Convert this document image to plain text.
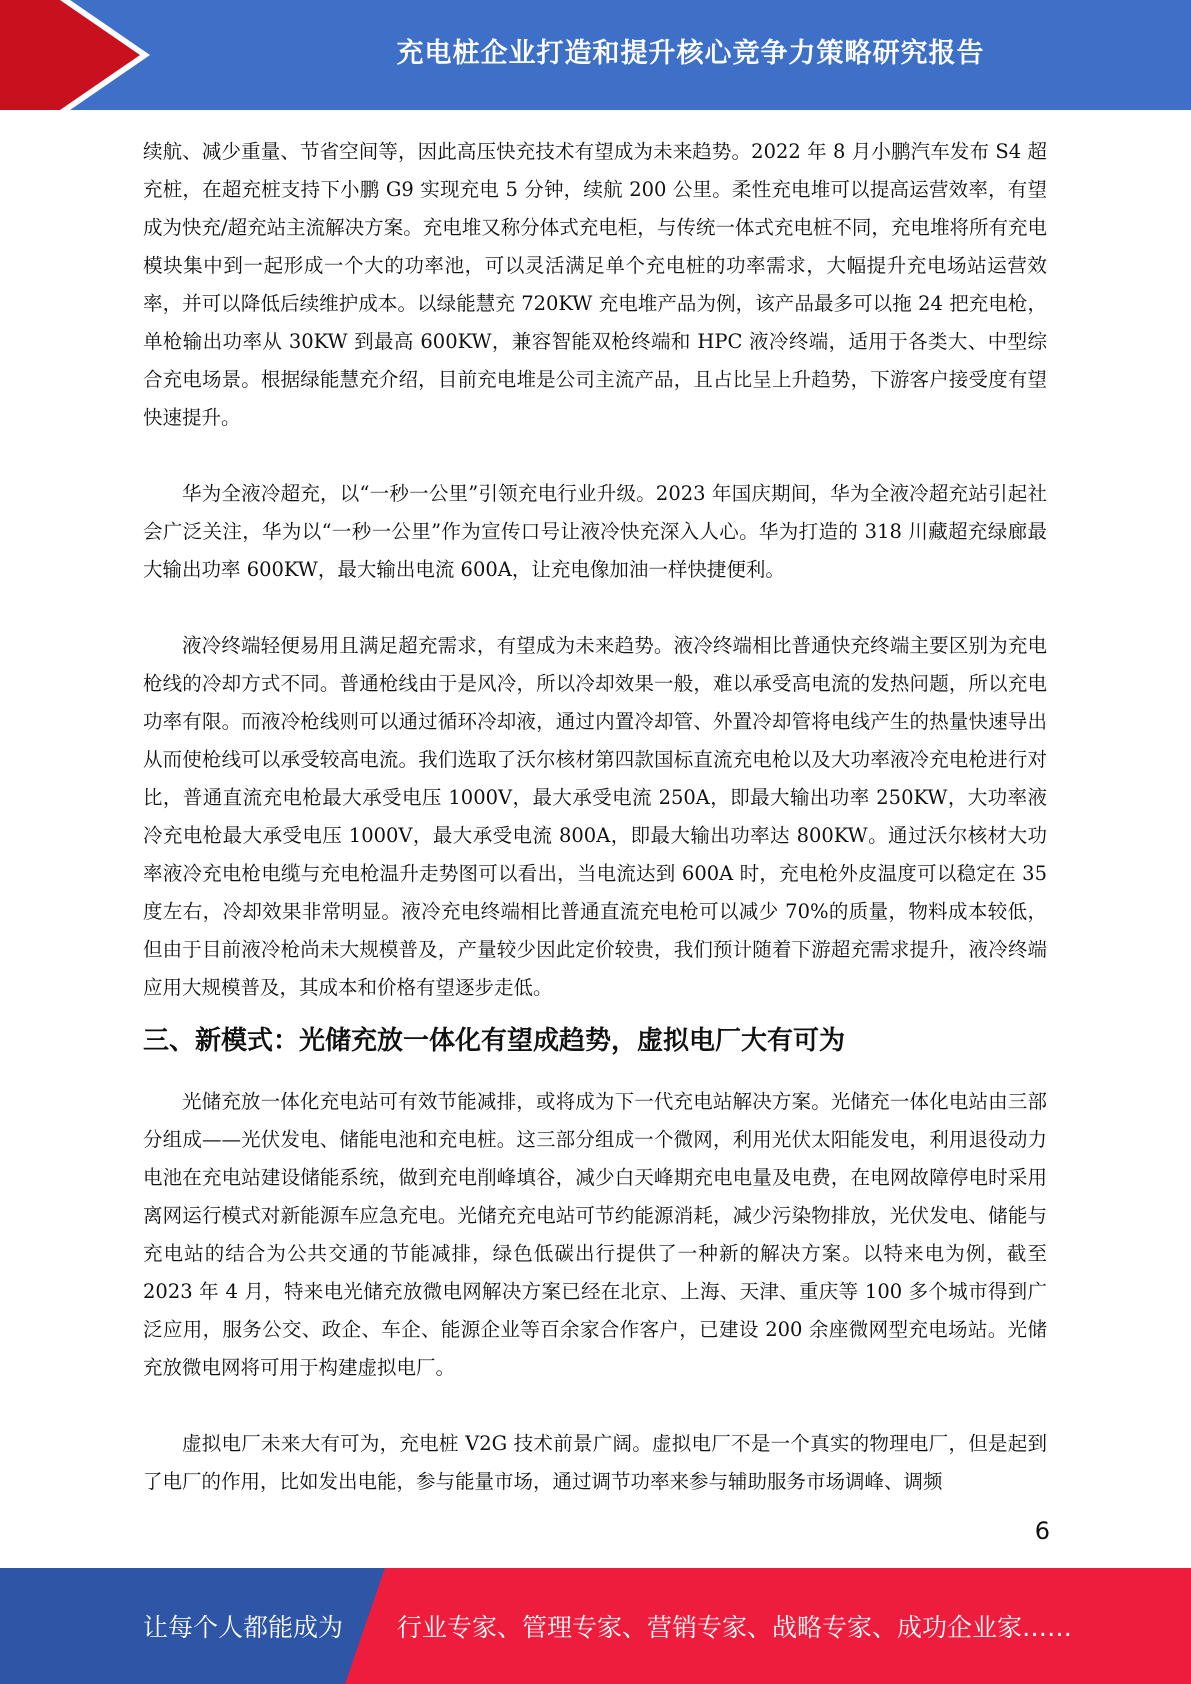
充电桩企业打造和提升核心竞争力策略研究报告

续航、减少重量、节省空间等，因此高压快充技术有望成为未来趋势。2022 年 8 月小鹏汽车发布 S4 超充桩，在超充桩支持下小鹏 G9 实现充电 5 分钟，续航 200 公里。柔性充电堆可以提高运营效率，有望成为快充/超充站主流解决方案。充电堆又称分体式充电柜，与传统一体式充电桩不同，充电堆将所有充电模块集中到一起形成一个大的功率池，可以灵活满足单个充电桩的功率需求，大幅提升充电场站运营效率，并可以降低后续维护成本。以绿能慧充 720KW 充电堆产品为例，该产品最多可以拖 24 把充电枪，单枪输出功率从 30KW 到最高 600KW，兼容智能双枪终端和 HPC 液冷终端，适用于各类大、中型综合充电场景。根据绿能慧充介绍，目前充电堆是公司主流产品，且占比呈上升趋势，下游客户接受度有望快速提升。

华为全液冷超充，以“一秒一公里”引领充电行业升级。2023 年国庆期间，华为全液冷超充站引起社会广泛关注，华为以“一秒一公里”作为宣传口号让液冷快充深入人心。华为打造的 318 川藏超充绿廊最大输出功率 600KW，最大输出电流 600A，让充电像加油一样快捷便利。

液冷终端轻便易用且满足超充需求，有望成为未来趋势。液冷终端相比普通快充终端主要区别为充电枪线的冷却方式不同。普通枪线由于是风冷，所以冷却效果一般，难以承受高电流的发热问题，所以充电功率有限。而液冷枪线则可以通过循环冷却液，通过内置冷却管、外置冷却管将电线产生的热量快速导出从而使枪线可以承受较高电流。我们选取了沃尔核材第四款国标直流充电枪以及大功率液冷充电枪进行对比，普通直流充电枪最大承受电压 1000V，最大承受电流 250A，即最大输出功率 250KW，大功率液冷充电枪最大承受电压 1000V，最大承受电流 800A，即最大输出功率达 800KW。通过沃尔核材大功率液冷充电枪电缆与充电枪温升走势图可以看出，当电流达到 600A 时，充电枪外皮温度可以稳定在 35 度左右，冷却效果非常明显。液冷充电终端相比普通直流充电枪可以减少 70%的质量，物料成本较低，但由于目前液冷枪尚未大规模普及，产量较少因此定价较贵，我们预计随着下游超充需求提升，液冷终端应用大规模普及，其成本和价格有望逐步走低。

三、新模式：光储充放一体化有望成趋势，虚拟电厂大有可为

光储充放一体化充电站可有效节能减排，或将成为下一代充电站解决方案。光储充一体化电站由三部分组成——光伏发电、储能电池和充电桩。这三部分组成一个微网，利用光伏太阳能发电，利用退役动力电池在充电站建设储能系统，做到充电削峰填谷，减少白天峰期充电电量及电费，在电网故障停电时采用离网运行模式对新能源车应急充电。光储充充电站可节约能源消耗，减少污染物排放，光伏发电、储能与充电站的结合为公共交通的节能减排，绿色低碳出行提供了一种新的解决方案。以特来电为例，截至 2023 年 4 月，特来电光储充放微电网解决方案已经在北京、上海、天津、重庆等 100 多个城市得到广泛应用，服务公交、政企、车企、能源企业等百余家合作客户，已建设 200 余座微网型充电场站。光储充放微电网将可用于构建虚拟电厂。

虚拟电厂未来大有可为，充电桩 V2G 技术前景广阔。虚拟电厂不是一个真实的物理电厂，但是起到了电厂的作用，比如发出电能，参与能量市场，通过调节功率来参与辅助服务市场调峰、调频

6
让每个人都能成为 行业专家、管理专家、营销专家、战略专家、成功企业家……
